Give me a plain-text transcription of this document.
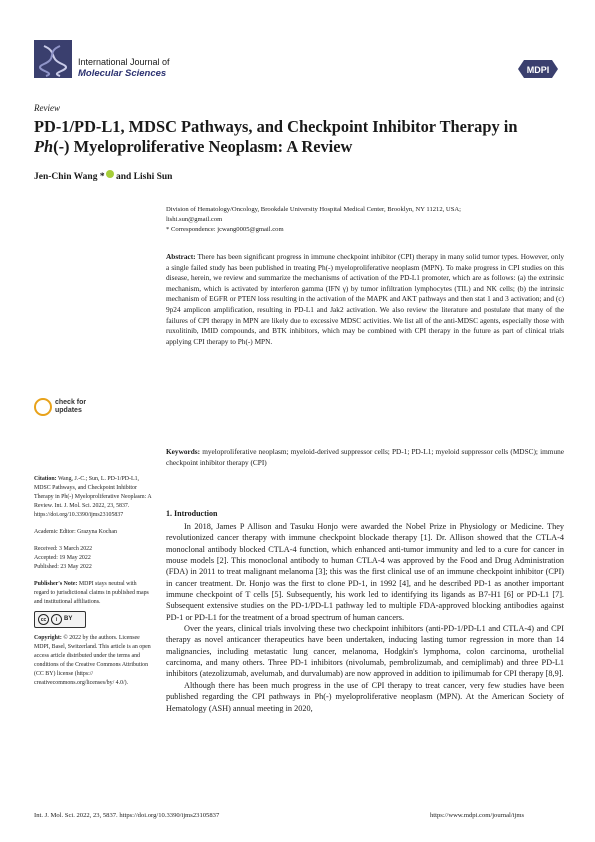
International Journal of
Molecular Sciences	MDPI
Review
PD-1/PD-L1, MDSC Pathways, and Checkpoint Inhibitor Therapy in Ph(-) Myeloproliferative Neoplasm: A Review
Jen-Chin Wang * and Lishi Sun
Division of Hematology/Oncology, Brookdale University Hospital Medical Center, Brooklyn, NY 11212, USA;
lishi.sun@gmail.com
* Correspondence: jcwang0005@gmail.com
Abstract: There has been significant progress in immune checkpoint inhibitor (CPI) therapy in many solid tumor types. However, only a single failed study has been published in treating Ph(-) myeloproliferative neoplasm (MPN). To make progress in CPI studies on this disease, herein, we review and summarize the mechanisms of activation of the PD-L1 promoter, which are as follows: (a) the extrinsic mechanism, which is activated by interferon gamma (IFN γ) by tumor infiltration lymphocytes (TIL) and NK cells; (b) the intrinsic mechanism of EGFR or PTEN loss resulting in the activation of the MAPK and AKT pathways and then stat 1 and 3 activation; and (c) 9p24 amplicon amplification, resulting in PD-L1 and Jak2 activation. We also review the literature and postulate that many of the failures of CPI therapy in MPN are likely due to excessive MDSC activities. We list all of the anti-MDSC agents, especially those with ruxolitinib, IMID compounds, and BTK inhibitors, which may be combined with CPI therapy in the future as part of clinical trials applying CPI therapy to Ph(-) MPN.
Keywords: myeloproliferative neoplasm; myeloid-derived suppressor cells; PD-1; PD-L1; myeloid suppressor cells (MDSC); immune checkpoint inhibitor therapy (CPI)
check for
updates

Citation: Wang, J.-C.; Sun, L. PD-1/PD-L1, MDSC Pathways, and Checkpoint Inhibitor Therapy in Ph(-) Myeloproliferative Neoplasm: A Review. Int. J. Mol. Sci. 2022, 23, 5837. https://doi.org/10.3390/ijms23105837

Academic Editor: Grazyna Kochan

Received: 3 March 2022

Accepted: 19 May 2022

Published: 23 May 2022

Publisher's Note: MDPI stays neutral with regard to jurisdictional claims in published maps and institutional affiliations.

cc	i	BY

Copyright: © 2022 by the authors. Licensee MDPI, Basel, Switzerland. This article is an open access article distributed under the terms and conditions of the Creative Commons Attribution (CC BY) license (https:// creativecommons.org/licenses/by/ 4.0/).

1. Introduction

In 2018, James P Allison and Tasuku Honjo were awarded the Nobel Prize in Physiology or Medicine. They revolutionized cancer therapy with immune checkpoint blockade therapy [1]. Dr. Allison showed that the CTLA-4 monoclonal antibody blocked CTLA-4 function, which enhanced anti-tumor immunity and led to a cure for cancer in mouse models [2]. This monoclonal antibody to human CTLA-4 was approved by the Food and Drug Administration (FDA) in 2011 to treat malignant melanoma [3]; this was the first clinical use of an immune checkpoint inhibitor (CPI) in cancer treatment. Dr. Honjo was the first to clone PD-1, in 1992 [4], and he described PD-1 as another important immune checkpoint of T cells [5]. Subsequently, his work led to identifying its ligands as B7-H1 [6] or PD-L1 [7]. Subsequent extensive studies on the PD-1/PD-L1 pathway led to multiple FDA-approved blocking antibodies against PD-1 or PD-L1 for the treatment of a broad spectrum of human cancers.

Over the years, clinical trials involving these two checkpoint inhibitors (anti-PD-1/PD-L1 and CTLA-4) and CPI therapy as novel anticancer therapeutics have been undertaken, inducing lasting tumor regression in more than 14 malignancies, including metastatic lung cancer, melanoma, Hodgkin's lymphoma, colon carcinoma, urothelial carcinoma, and many others. Three PD-1 inhibitors (nivolumab, pembrolizumab, and cemiplimab) and three PD-L1 inhibitors (atezolizumab, avelumab, and durvalumab) are now approved in addition to ipilimumab for CPI therapy [8,9].

Although there has been much progress in the use of CPI therapy to treat cancer, very few studies have been published regarding the CPI pathways in Ph(-) myeloproliferative neoplasm (MPN). At the American Society of Hematology (ASH) annual meeting in 2020,

Int. J. Mol. Sci. 2022, 23, 5837. https://doi.org/10.3390/ijms23105837	https://www.mdpi.com/journal/ijms
